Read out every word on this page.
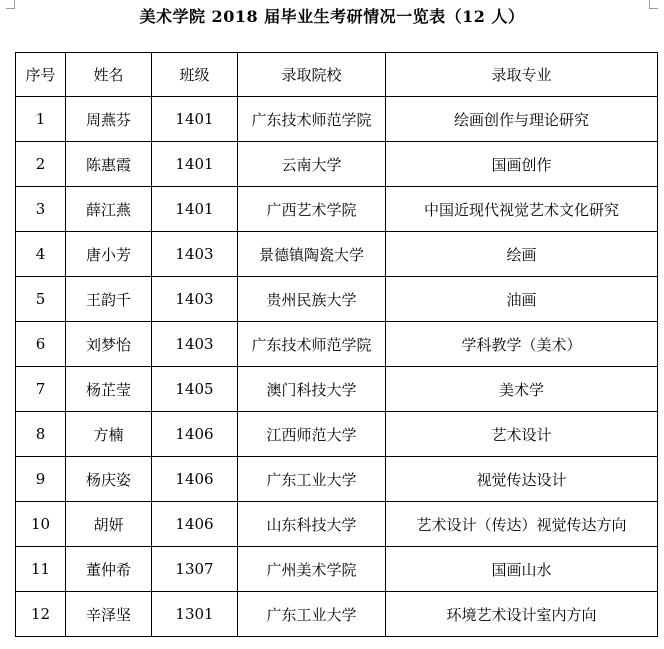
美术学院 2018 届毕业生考研情况一览表（12 人）
序号	姓名	班级	录取院校	录取专业
1	周燕芬	1401	广东技术师范学院	绘画创作与理论研究
2	陈惠霞	1401	云南大学	国画创作
3	薛江燕	1401	广西艺术学院	中国近现代视觉艺术文化研究
4	唐小芳	1403	景德镇陶瓷大学	绘画
5	王韵千	1403	贵州民族大学	油画
6	刘梦怡	1403	广东技术师范学院	学科教学（美术）
7	杨芷莹	1405	澳门科技大学	美术学
8	方楠	1406	江西师范大学	艺术设计
9	杨庆姿	1406	广东工业大学	视觉传达设计
10	胡妍	1406	山东科技大学	艺术设计（传达）视觉传达方向
11	董仲希	1307	广州美术学院	国画山水
12	辛泽坚	1301	广东工业大学	环境艺术设计室内方向
